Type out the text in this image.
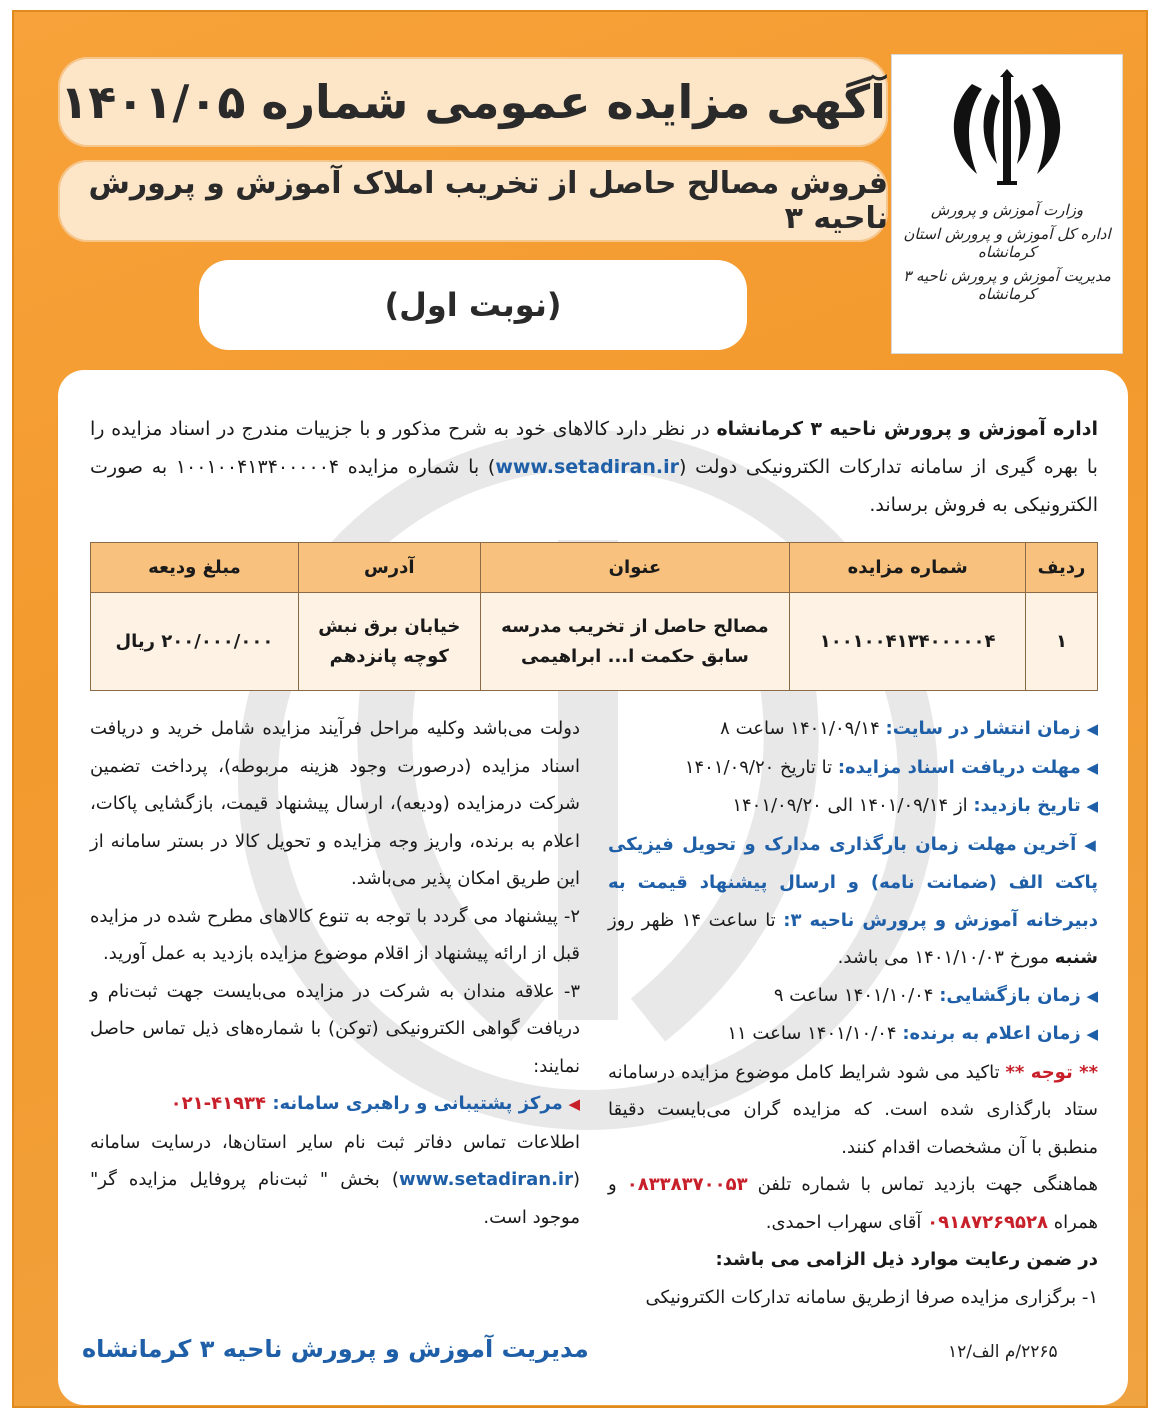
آگهی مزایده عمومی شماره ۱۴۰۱/۰۵
فروش مصالح حاصل از تخریب املاک آموزش و پرورش ناحیه ۳
(نوبت اول)
وزارت آموزش و پرورش
اداره کل آموزش و پرورش استان کرمانشاه
مدیریت آموزش و پرورش ناحیه ۳ کرمانشاه
اداره آموزش و پرورش ناحیه ۳ کرمانشاه در نظر دارد کالاهای خود به شرح مذکور و با جزییات مندرج در اسناد مزایده را با بهره گیری از سامانه تدارکات الکترونیکی دولت (www.setadiran.ir) با شماره مزایده ۱۰۰۱۰۰۴۱۳۴۰۰۰۰۰۴ به صورت الکترونیکی به فروش برساند.
ردیف	شماره مزایده	عنوان	آدرس	مبلغ ودیعه
۱	۱۰۰۱۰۰۴۱۳۴۰۰۰۰۰۴	مصالح حاصل از تخریب مدرسه سابق حکمت ا... ابراهیمی	خیابان برق نبش کوچه پانزدهم	۲۰۰/۰۰۰/۰۰۰ ریال
◀ زمان انتشار در سایت: ۱۴۰۱/۰۹/۱۴ ساعت ۸
◀ مهلت دریافت اسناد مزایده: تا تاریخ ۱۴۰۱/۰۹/۲۰
◀ تاریخ بازدید: از ۱۴۰۱/۰۹/۱۴ الی ۱۴۰۱/۰۹/۲۰
◀ آخرین مهلت زمان بارگذاری مدارک و تحویل فیزیکی پاکت الف (ضمانت نامه) و ارسال پیشنهاد قیمت به دبیرخانه آموزش و پرورش ناحیه ۳: تا ساعت ۱۴ ظهر روز شنبه مورخ ۱۴۰۱/۱۰/۰۳ می باشد.
◀ زمان بازگشایی: ۱۴۰۱/۱۰/۰۴ ساعت ۹
◀ زمان اعلام به برنده: ۱۴۰۱/۱۰/۰۴ ساعت ۱۱
** توجه ** تاکید می شود شرایط کامل موضوع مزایده درسامانه ستاد بارگذاری شده است. که مزایده گران می‌بایست دقیقا منطبق با آن مشخصات اقدام کنند.
هماهنگی جهت بازدید تماس با شماره تلفن ۰۸۳۳۸۳۷۰۰۵۳ و همراه ۰۹۱۸۷۲۶۹۵۲۸ آقای سهراب احمدی.
در ضمن رعایت موارد ذیل الزامی می باشد:
۱- برگزاری مزایده صرفا ازطریق سامانه تدارکات الکترونیکی
دولت می‌باشد وکلیه مراحل فرآیند مزایده شامل خرید و دریافت اسناد مزایده (درصورت وجود هزینه مربوطه)، پرداخت تضمین شرکت درمزایده (ودیعه)، ارسال پیشنهاد قیمت، بازگشایی پاکات، اعلام به برنده، واریز وجه مزایده و تحویل کالا در بستر سامانه از این طریق امکان پذیر می‌باشد.
۲- پیشنهاد می گردد با توجه به تنوع کالاهای مطرح شده در مزایده قبل از ارائه پیشنهاد از اقلام موضوع مزایده بازدید به عمل آورید.
۳- علاقه مندان به شرکت در مزایده می‌بایست جهت ثبت‌نام و دریافت گواهی الکترونیکی (توکن) با شماره‌های ذیل تماس حاصل نمایند:
◀ مرکز پشتیبانی و راهبری سامانه: ۴۱۹۳۴-۰۲۱
اطلاعات تماس دفاتر ثبت نام سایر استان‌ها، درسایت سامانه (www.setadiran.ir) بخش " ثبت‌نام پروفایل مزایده گر" موجود است.
مدیریت آموزش و پرورش ناحیه ۳ کرمانشاه	۲۲۶۵/م الف/۱۲
